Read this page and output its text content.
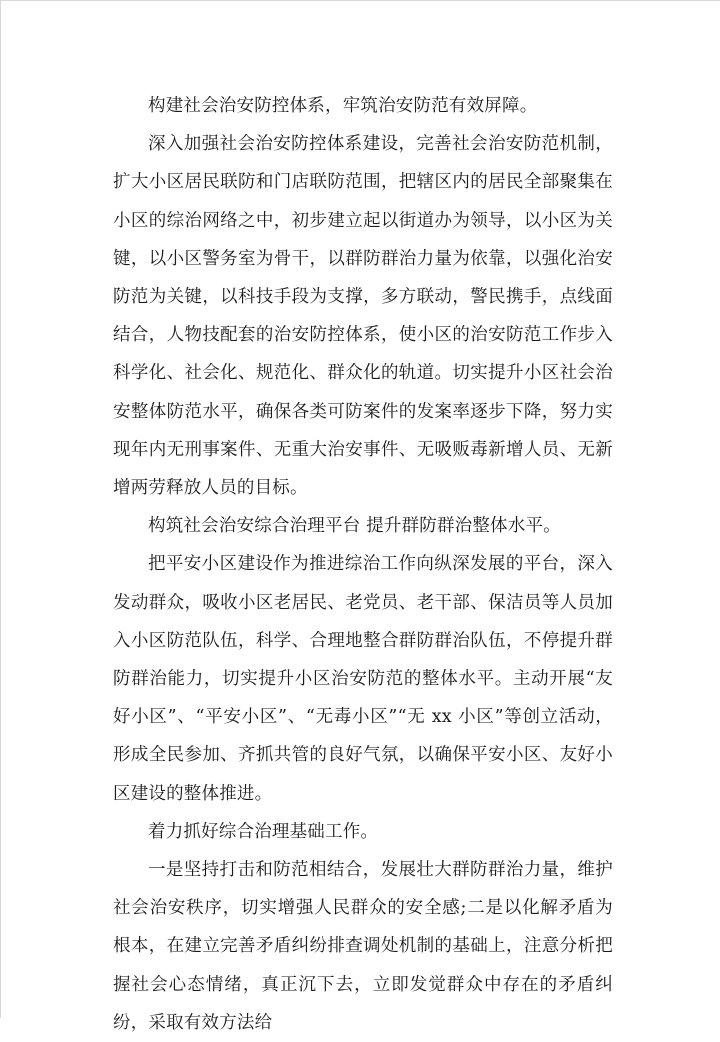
构建社会治安防控体系，牢筑治安防范有效屏障。

深入加强社会治安防控体系建设，完善社会治安防范机制，扩大小区居民联防和门店联防范围，把辖区内的居民全部聚集在小区的综治网络之中，初步建立起以街道办为领导，以小区为关键，以小区警务室为骨干，以群防群治力量为依靠，以强化治安防范为关键，以科技手段为支撑，多方联动，警民携手，点线面结合，人物技配套的治安防控体系，使小区的治安防范工作步入科学化、社会化、规范化、群众化的轨道。切实提升小区社会治安整体防范水平，确保各类可防案件的发案率逐步下降，努力实现年内无刑事案件、无重大治安事件、无吸贩毒新增人员、无新增两劳释放人员的目标。

构筑社会治安综合治理平台 提升群防群治整体水平。

把平安小区建设作为推进综治工作向纵深发展的平台，深入发动群众，吸收小区老居民、老党员、老干部、保洁员等人员加入小区防范队伍，科学、合理地整合群防群治队伍，不停提升群防群治能力，切实提升小区治安防范的整体水平。主动开展“友好小区”、“平安小区”、“无毒小区”“无 xx 小区”等创立活动，形成全民参加、齐抓共管的良好气氛，以确保平安小区、友好小区建设的整体推进。

着力抓好综合治理基础工作。

一是坚持打击和防范相结合，发展壮大群防群治力量，维护社会治安秩序，切实增强人民群众的安全感;二是以化解矛盾为根本，在建立完善矛盾纠纷排查调处机制的基础上，注意分析把握社会心态情绪，真正沉下去，立即发觉群众中存在的矛盾纠纷，采取有效方法给
